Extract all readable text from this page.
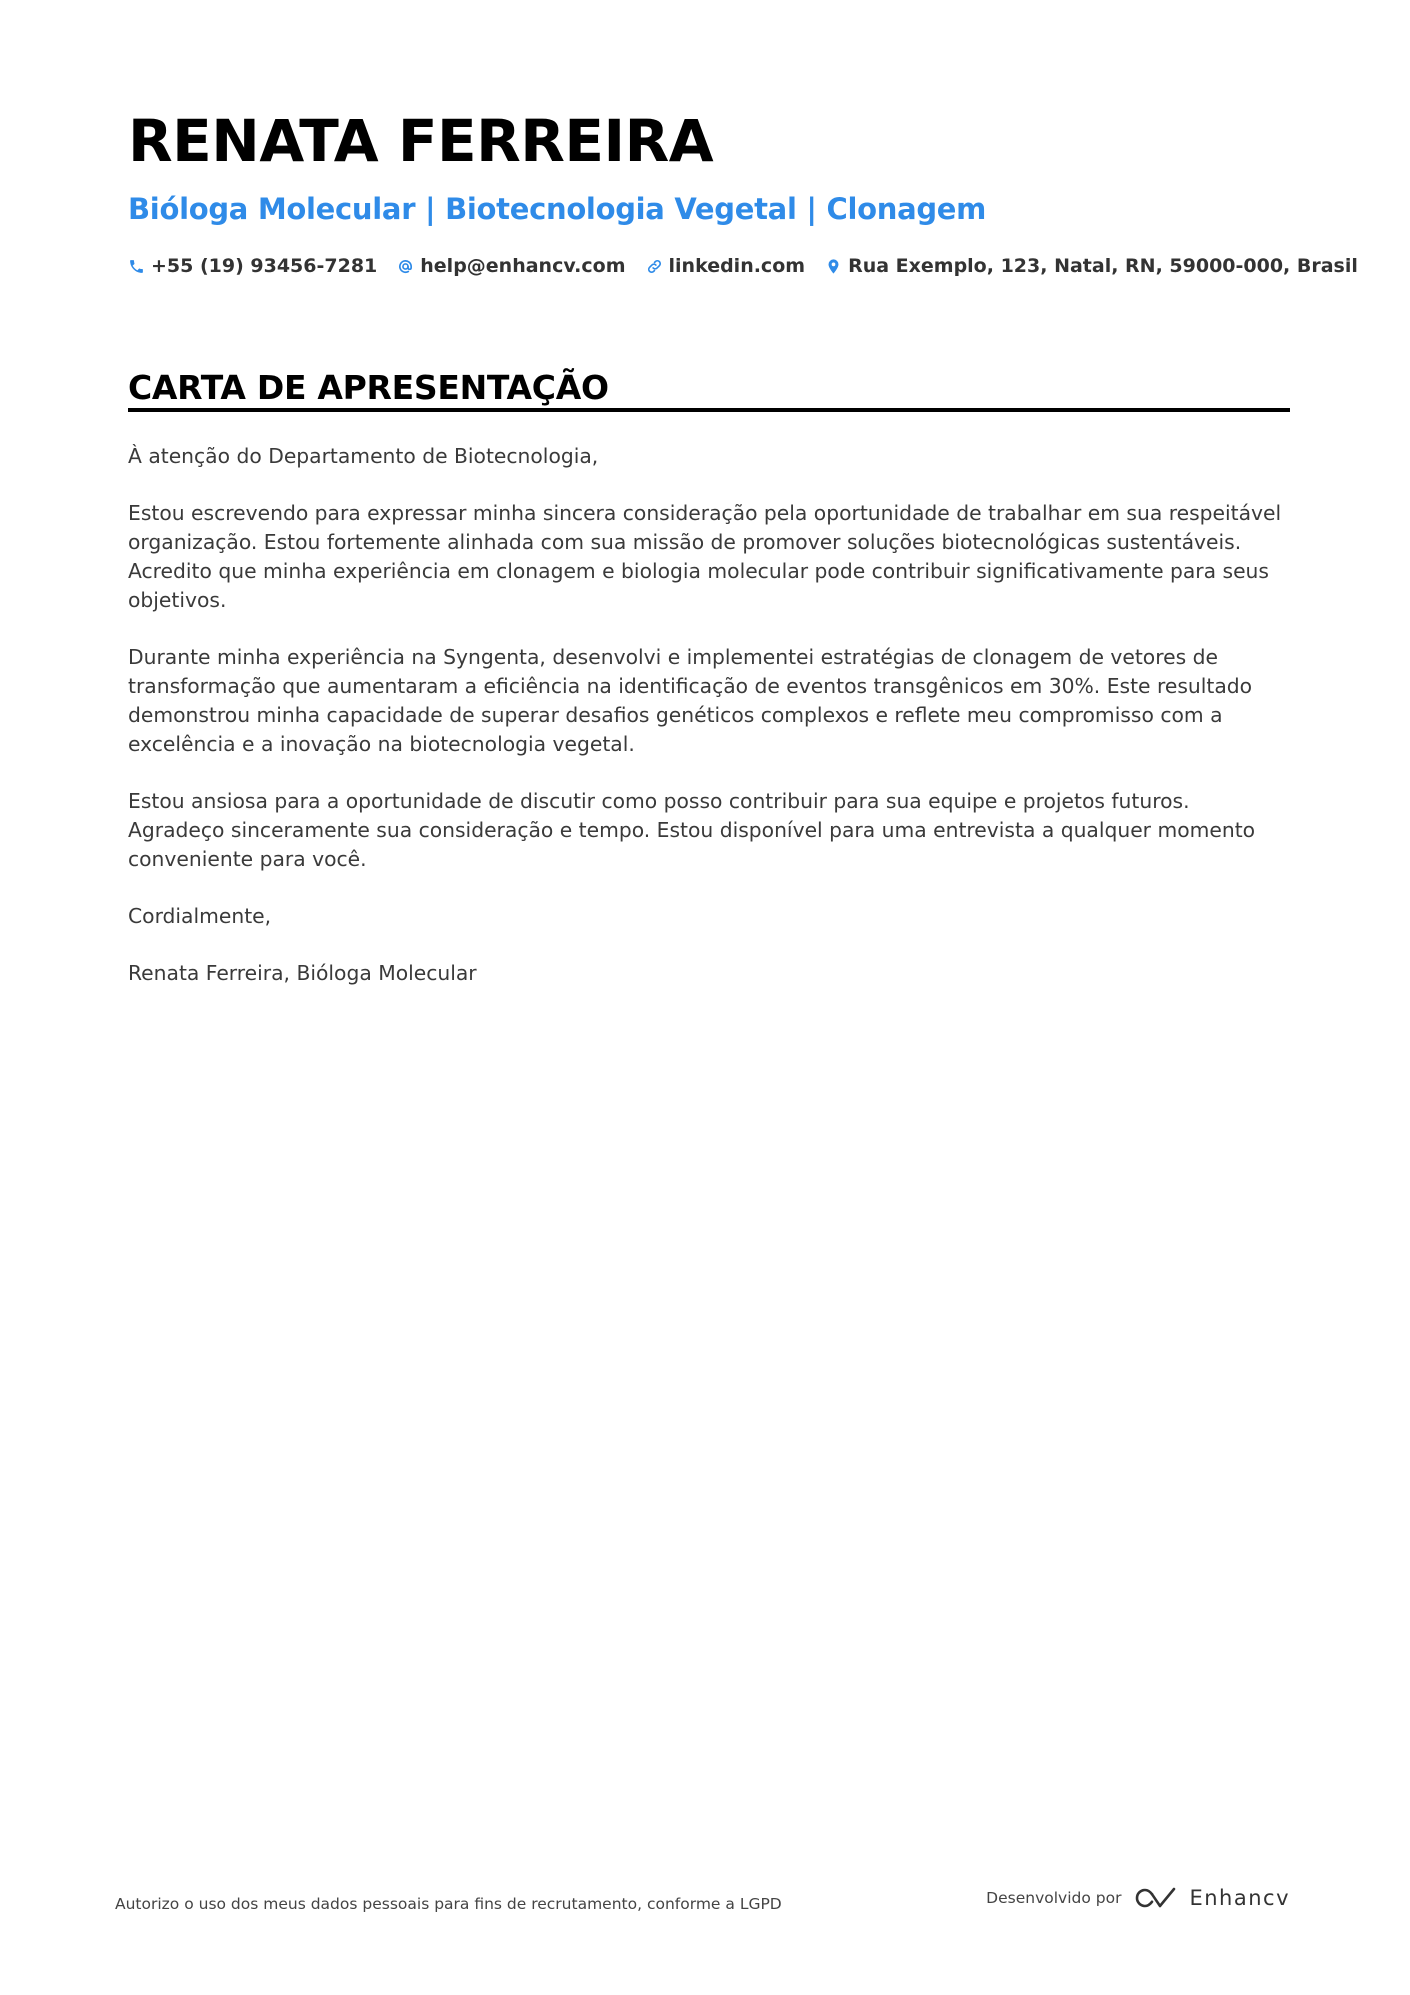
RENATA FERREIRA
Bióloga Molecular | Biotecnologia Vegetal | Clonagem
+55 (19) 93456-7281 help@enhancv.com linkedin.com Rua Exemplo, 123, Natal, RN, 59000-000, Brasil
CARTA DE APRESENTAÇÃO

À atenção do Departamento de Biotecnologia,

Estou escrevendo para expressar minha sincera consideração pela oportunidade de trabalhar em sua respeitável organização. Estou fortemente alinhada com sua missão de promover soluções biotecnológicas sustentáveis. Acredito que minha experiência em clonagem e biologia molecular pode contribuir significativamente para seus objetivos.

Durante minha experiência na Syngenta, desenvolvi e implementei estratégias de clonagem de vetores de transformação que aumentaram a eficiência na identificação de eventos transgênicos em 30%. Este resultado demonstrou minha capacidade de superar desafios genéticos complexos e reflete meu compromisso com a excelência e a inovação na biotecnologia vegetal.

Estou ansiosa para a oportunidade de discutir como posso contribuir para sua equipe e projetos futuros. Agradeço sinceramente sua consideração e tempo. Estou disponível para uma entrevista a qualquer momento conveniente para você.

Cordialmente,

Renata Ferreira, Bióloga Molecular

Autorizo o uso dos meus dados pessoais para fins de recrutamento, conforme a LGPD	Desenvolvido por	Enhancv
